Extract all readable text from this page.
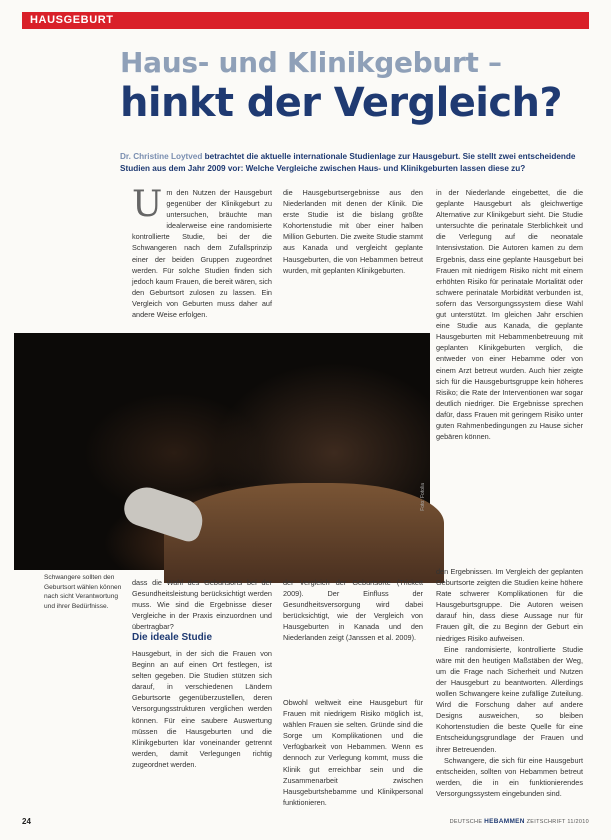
HAUSGEBURT
Haus- und Klinikgeburt –
hinkt der Vergleich?
Dr. Christine Loytved betrachtet die aktuelle internationale Studienlage zur Hausgeburt. Sie stellt zwei entscheidende Studien aus dem Jahr 2009 vor: Welche Vergleiche zwischen Haus- und Klinikgeburten lassen diese zu?
U m den Nutzen der Hausgeburt gegenüber der Klinikgeburt zu untersuchen, bräuchte man idealerweise eine randomisierte kontrollierte Studie, bei der die Schwangeren nach dem Zufallsprinzip einer der beiden Gruppen zugeordnet werden. Für solche Studien finden sich jedoch kaum Frauen, die bereit wären, sich den Geburtsort zulosen zu lassen. Ein Vergleich von Geburten muss daher auf andere Weise erfolgen.
die Hausgeburtsergebnisse aus den Niederlanden mit denen der Klinik. Die erste Studie ist die bislang größte Kohortenstudie mit über einer halben Million Geburten. Die zweite Studie stammt aus Kanada und vergleicht geplante Hausgeburten, die von Hebammen betreut wurden, mit geplanten Klinikgeburten.
in der Niederlande eingebettet, die die geplante Hausgeburt als gleichwertige Alternative zur Klinikgeburt sieht. Die Studie untersuchte die perinatale Sterblichkeit und die Verlegung auf die neonatale Intensivstation. Die Autoren kamen zu dem Ergebnis, dass eine geplante Hausgeburt bei Frauen mit niedrigem Risiko nicht mit einem erhöhten Risiko für perinatale Mortalität oder schwere perinatale Morbidität verbunden ist, sofern das Versorgungssystem diese Wahl gut unterstützt. Im gleichen Jahr erschien eine Studie aus Kanada, die geplante Hausgeburten mit Hebammenbetreuung mit geplanten Klinikgeburten verglich, die entweder von einer Hebamme oder von einem Arzt betreut wurden. Auch hier zeigte sich für die Hausgeburtsgruppe kein höheres Risiko; die Rate der Interventionen war sogar deutlich niedriger. Die Ergebnisse sprechen dafür, dass Frauen mit geringem Risiko unter guten Rahmenbedingungen zu Hause sicher gebären können.
Foto: Fotolia
Schwangere sollten den Geburtsort wählen können nach sicht Verantwortung und ihrer Bedürfnisse.
dass die Wahl des Geburtsorts bei der Gesundheitsleistung berücksichtigt werden muss. Wie sind die Ergebnisse dieser Vergleiche in der Praxis einzuordnen und übertragbar?
der Vergleich der Geburtsorte (Trickett 2009). Der Einfluss der Gesundheitsversorgung wird dabei berücksichtigt, wie der Vergleich von Hausgeburten in Kanada und den Niederlanden zeigt (Janssen et al. 2009).
Die ideale Studie
Hausgeburt, in der sich die Frauen von Beginn an auf einen Ort festlegen, ist selten gegeben. Die Studien stützen sich darauf, in verschiedenen Ländern Geburtsorte gegenüberzustellen, deren Versorgungsstrukturen verglichen werden können. Für eine saubere Auswertung müssen die Hausgeburten und die Klinikgeburten klar voneinander getrennt werden, damit Verlegungen richtig zugeordnet werden.
Obwohl weltweit eine Hausgeburt für Frauen mit niedrigem Risiko möglich ist, wählen Frauen sie selten. Gründe sind die Sorge um Komplikationen und die Verfügbarkeit von Hebammen. Wenn es dennoch zur Verlegung kommt, muss die Klinik gut erreichbar sein und die Zusammenarbeit zwischen Hausgeburtshebamme und Klinikpersonal funktionieren.

den Ergebnissen. Im Vergleich der geplanten Geburtsorte zeigten die Studien keine höhere Rate schwerer Komplikationen für die Hausgeburtsgruppe. Die Autoren weisen darauf hin, dass diese Aussage nur für Frauen gilt, die zu Beginn der Geburt ein niedriges Risiko aufweisen.

Eine randomisierte, kontrollierte Studie wäre mit den heutigen Maßstäben der Weg, um die Frage nach Sicherheit und Nutzen der Hausgeburt zu beantworten. Allerdings wollen Schwangere keine zufällige Zuteilung. Wird die Forschung daher auf andere Designs ausweichen, so bleiben Kohortenstudien die beste Quelle für eine Entscheidungsgrundlage der Frauen und ihrer Betreuenden.

Schwangere, die sich für eine Hausgeburt entscheiden, sollten von Hebammen betreut werden, die in ein funktionierendes Versorgungssystem eingebunden sind.

24	DEUTSCHE HEBAMMEN ZEITSCHRIFT 11/2010
